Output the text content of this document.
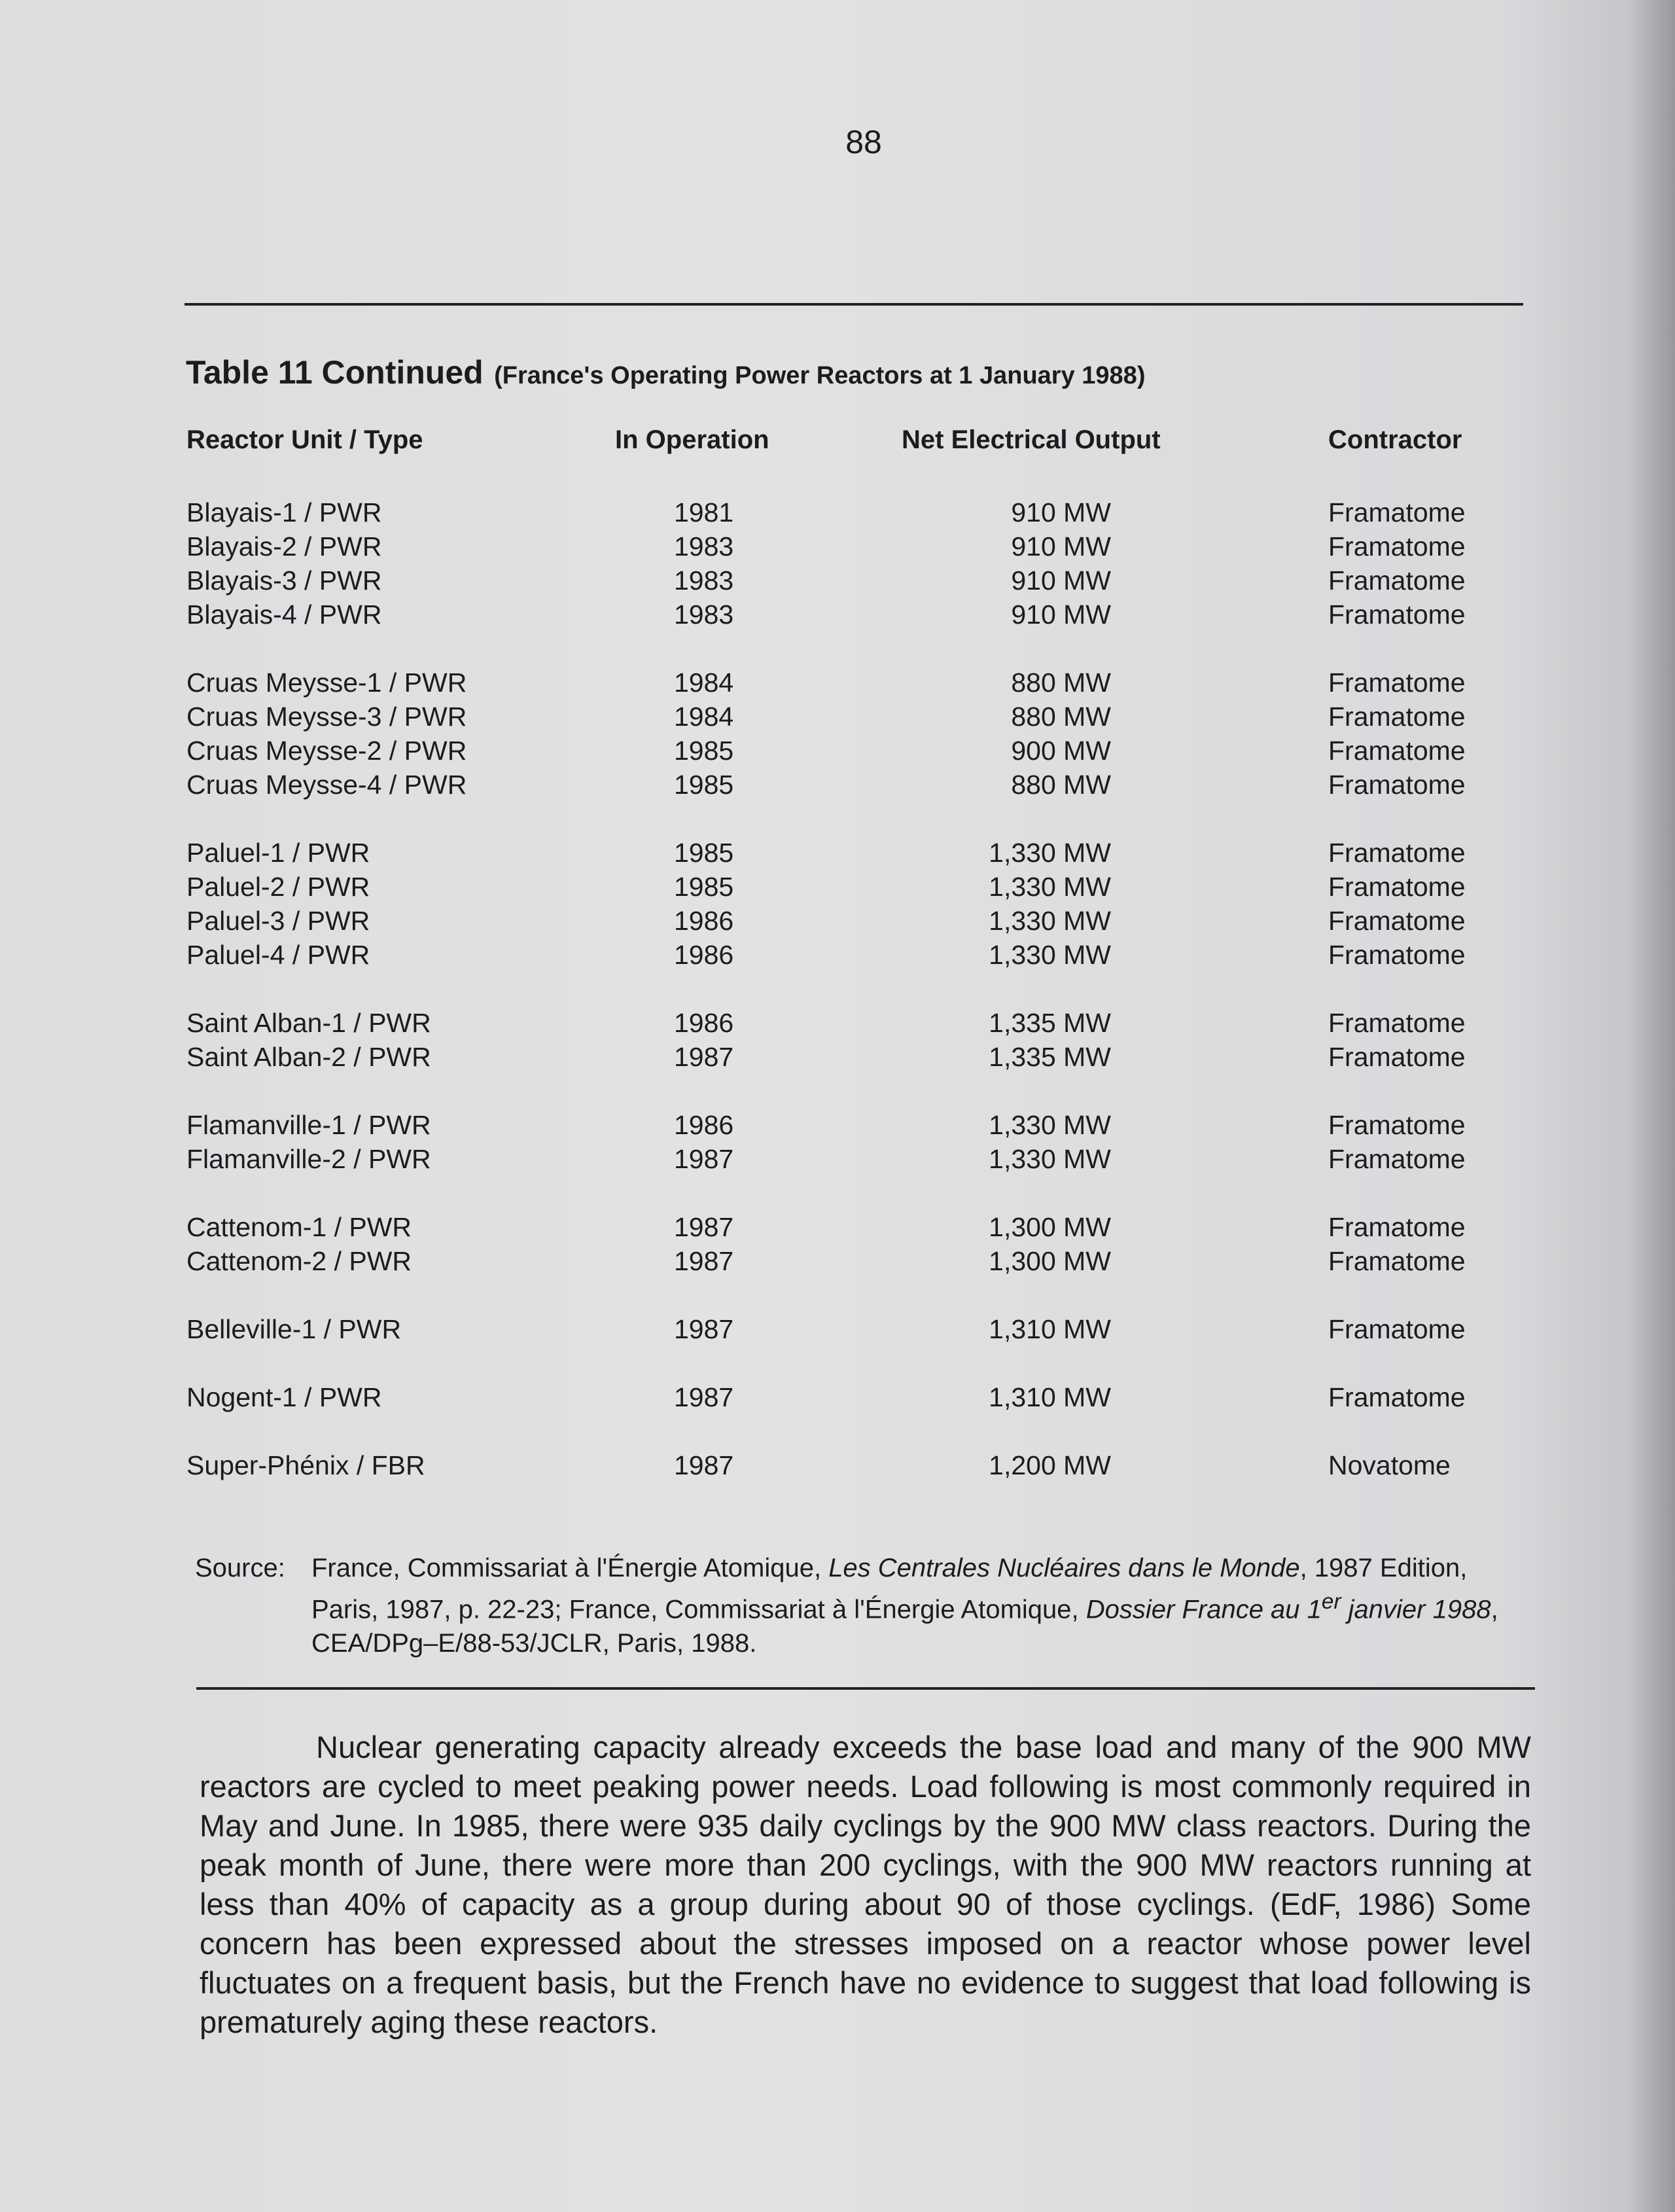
88
Table 11 Continued (France's Operating Power Reactors at 1 January 1988)
Reactor Unit / Type	In Operation	Net Electrical Output	Contractor
Blayais-1 / PWR	1981	910 MW	Framatome
Blayais-2 / PWR	1983	910 MW	Framatome
Blayais-3 / PWR	1983	910 MW	Framatome
Blayais-4 / PWR	1983	910 MW	Framatome
Cruas Meysse-1 / PWR	1984	880 MW	Framatome
Cruas Meysse-3 / PWR	1984	880 MW	Framatome
Cruas Meysse-2 / PWR	1985	900 MW	Framatome
Cruas Meysse-4 / PWR	1985	880 MW	Framatome
Paluel-1 / PWR	1985	1,330 MW	Framatome
Paluel-2 / PWR	1985	1,330 MW	Framatome
Paluel-3 / PWR	1986	1,330 MW	Framatome
Paluel-4 / PWR	1986	1,330 MW	Framatome
Saint Alban-1 / PWR	1986	1,335 MW	Framatome
Saint Alban-2 / PWR	1987	1,335 MW	Framatome
Flamanville-1 / PWR	1986	1,330 MW	Framatome
Flamanville-2 / PWR	1987	1,330 MW	Framatome
Cattenom-1 / PWR	1987	1,300 MW	Framatome
Cattenom-2 / PWR	1987	1,300 MW	Framatome
Belleville-1 / PWR	1987	1,310 MW	Framatome
Nogent-1 / PWR	1987	1,310 MW	Framatome
Super-Phénix / FBR	1987	1,200 MW	Novatome
Source: France, Commissariat à l'Énergie Atomique, Les Centrales Nucléaires dans le Monde, 1987 Edition, Paris, 1987, p. 22-23; France, Commissariat à l'Énergie Atomique, Dossier France au 1er janvier 1988, CEA/DPg–E/88-53/JCLR, Paris, 1988.
Nuclear generating capacity already exceeds the base load and many of the 900 MW reactors are cycled to meet peaking power needs. Load following is most commonly required in May and June. In 1985, there were 935 daily cyclings by the 900 MW class reactors. During the peak month of June, there were more than 200 cyclings, with the 900 MW reactors running at less than 40% of capacity as a group during about 90 of those cyclings. (EdF, 1986) Some concern has been expressed about the stresses imposed on a reactor whose power level fluctuates on a frequent basis, but the French have no evidence to suggest that load following is prematurely aging these reactors.
